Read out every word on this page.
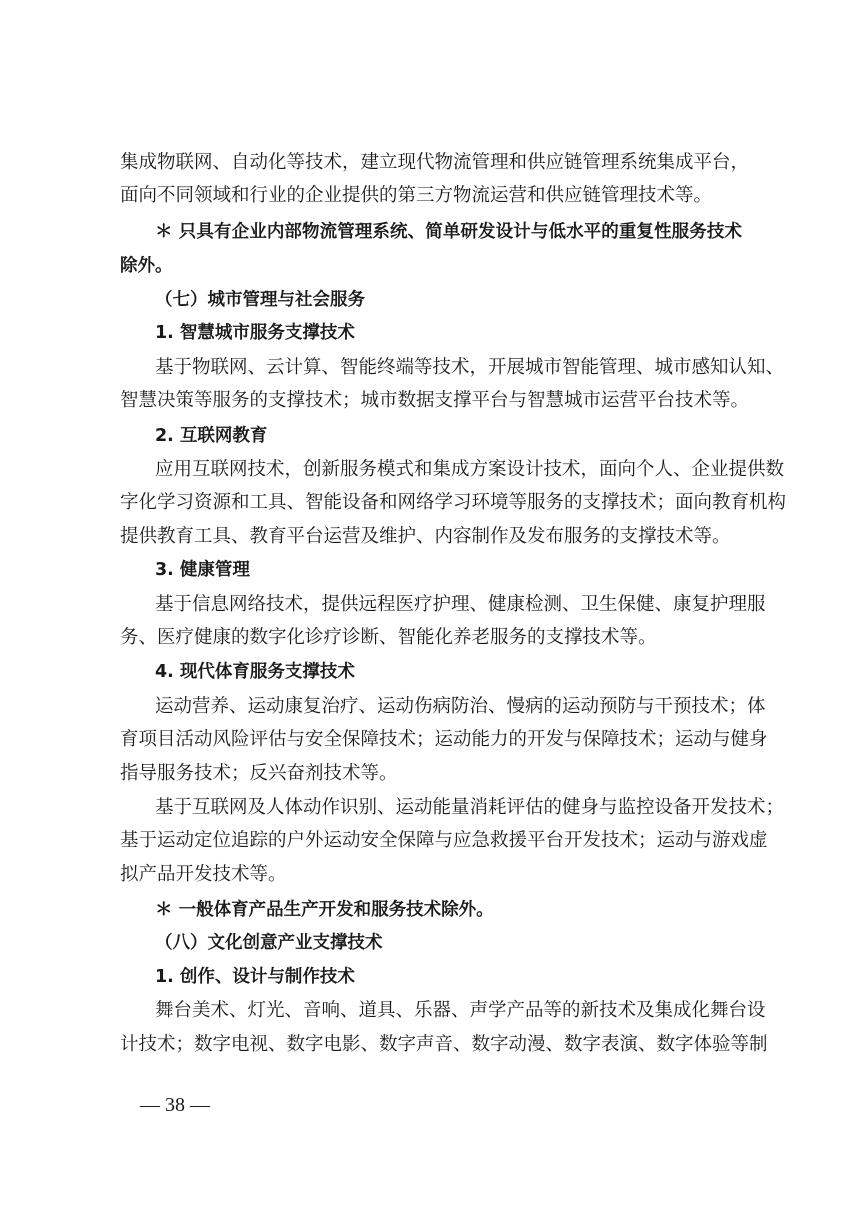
集成物联网、自动化等技术，建立现代物流管理和供应链管理系统集成平台，
面向不同领域和行业的企业提供的第三方物流运营和供应链管理技术等。
＊ 只具有企业内部物流管理系统、简单研发设计与低水平的重复性服务技术
除外。
（七）城市管理与社会服务
1. 智慧城市服务支撑技术
基于物联网、云计算、智能终端等技术，开展城市智能管理、城市感知认知、
智慧决策等服务的支撑技术；城市数据支撑平台与智慧城市运营平台技术等。
2. 互联网教育
应用互联网技术，创新服务模式和集成方案设计技术，面向个人、企业提供数
字化学习资源和工具、智能设备和网络学习环境等服务的支撑技术；面向教育机构
提供教育工具、教育平台运营及维护、内容制作及发布服务的支撑技术等。
3. 健康管理
基于信息网络技术，提供远程医疗护理、健康检测、卫生保健、康复护理服
务、医疗健康的数字化诊疗诊断、智能化养老服务的支撑技术等。
4. 现代体育服务支撑技术
运动营养、运动康复治疗、运动伤病防治、慢病的运动预防与干预技术；体
育项目活动风险评估与安全保障技术；运动能力的开发与保障技术；运动与健身
指导服务技术；反兴奋剂技术等。
基于互联网及人体动作识别、运动能量消耗评估的健身与监控设备开发技术；
基于运动定位追踪的户外运动安全保障与应急救援平台开发技术；运动与游戏虚
拟产品开发技术等。
＊ 一般体育产品生产开发和服务技术除外。
（八）文化创意产业支撑技术
1. 创作、设计与制作技术
舞台美术、灯光、音响、道具、乐器、声学产品等的新技术及集成化舞台设
计技术；数字电视、数字电影、数字声音、数字动漫、数字表演、数字体验等制
— 38 —
